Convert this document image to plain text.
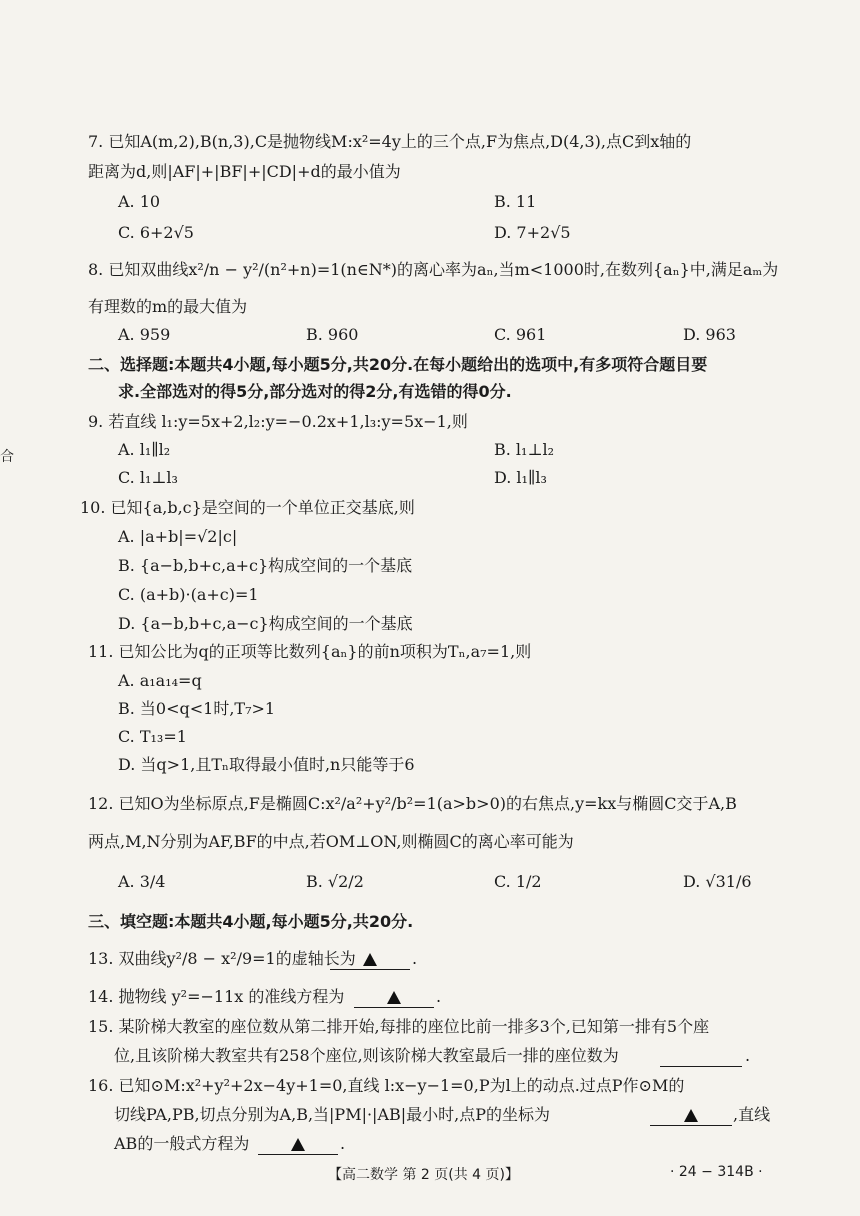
7. 已知A(m,2),B(n,3),C是抛物线M:x²=4y上的三个点,F为焦点,D(4,3),点C到x轴的
距离为d,则|AF|+|BF|+|CD|+d的最小值为
A. 10	B. 11
C. 6+2√5	D. 7+2√5
8. 已知双曲线x²/n − y²/(n²+n)=1(n∈N*)的离心率为aₙ,当m<1000时,在数列{aₙ}中,满足aₘ为
有理数的m的最大值为
A. 959	B. 960	C. 961	D. 963
二、选择题:本题共4小题,每小题5分,共20分.在每小题给出的选项中,有多项符合题目要
求.全部选对的得5分,部分选对的得2分,有选错的得0分.
合
9. 若直线 l₁:y=5x+2,l₂:y=−0.2x+1,l₃:y=5x−1,则
A. l₁∥l₂	B. l₁⊥l₂
C. l₁⊥l₃	D. l₁∥l₃
10. 已知{a,b,c}是空间的一个单位正交基底,则
A. |a+b|=√2|c|
B. {a−b,b+c,a+c}构成空间的一个基底
C. (a+b)·(a+c)=1
D. {a−b,b+c,a−c}构成空间的一个基底
11. 已知公比为q的正项等比数列{aₙ}的前n项积为Tₙ,a₇=1,则
A. a₁a₁₄=q
B. 当0<q<1时,T₇>1
C. T₁₃=1
D. 当q>1,且Tₙ取得最小值时,n只能等于6
12. 已知O为坐标原点,F是椭圆C:x²/a²+y²/b²=1(a>b>0)的右焦点,y=kx与椭圆C交于A,B
两点,M,N分别为AF,BF的中点,若OM⊥ON,则椭圆C的离心率可能为
A. 3/4	B. √2/2	C. 1/2	D. √31/6
三、填空题:本题共4小题,每小题5分,共20分.
13. 双曲线y²/8 − x²/9=1的虚轴长为	.
14. 抛物线 y²=−11x 的准线方程为	.
15. 某阶梯大教室的座位数从第二排开始,每排的座位比前一排多3个,已知第一排有5个座
位,且该阶梯大教室共有258个座位,则该阶梯大教室最后一排的座位数为	.
16. 已知⊙M:x²+y²+2x−4y+1=0,直线 l:x−y−1=0,P为l上的动点.过点P作⊙M的
切线PA,PB,切点分别为A,B,当|PM|·|AB|最小时,点P的坐标为	,直线
AB的一般式方程为	.
【高二数学 第 2 页(共 4 页)】	· 24 − 314B ·
